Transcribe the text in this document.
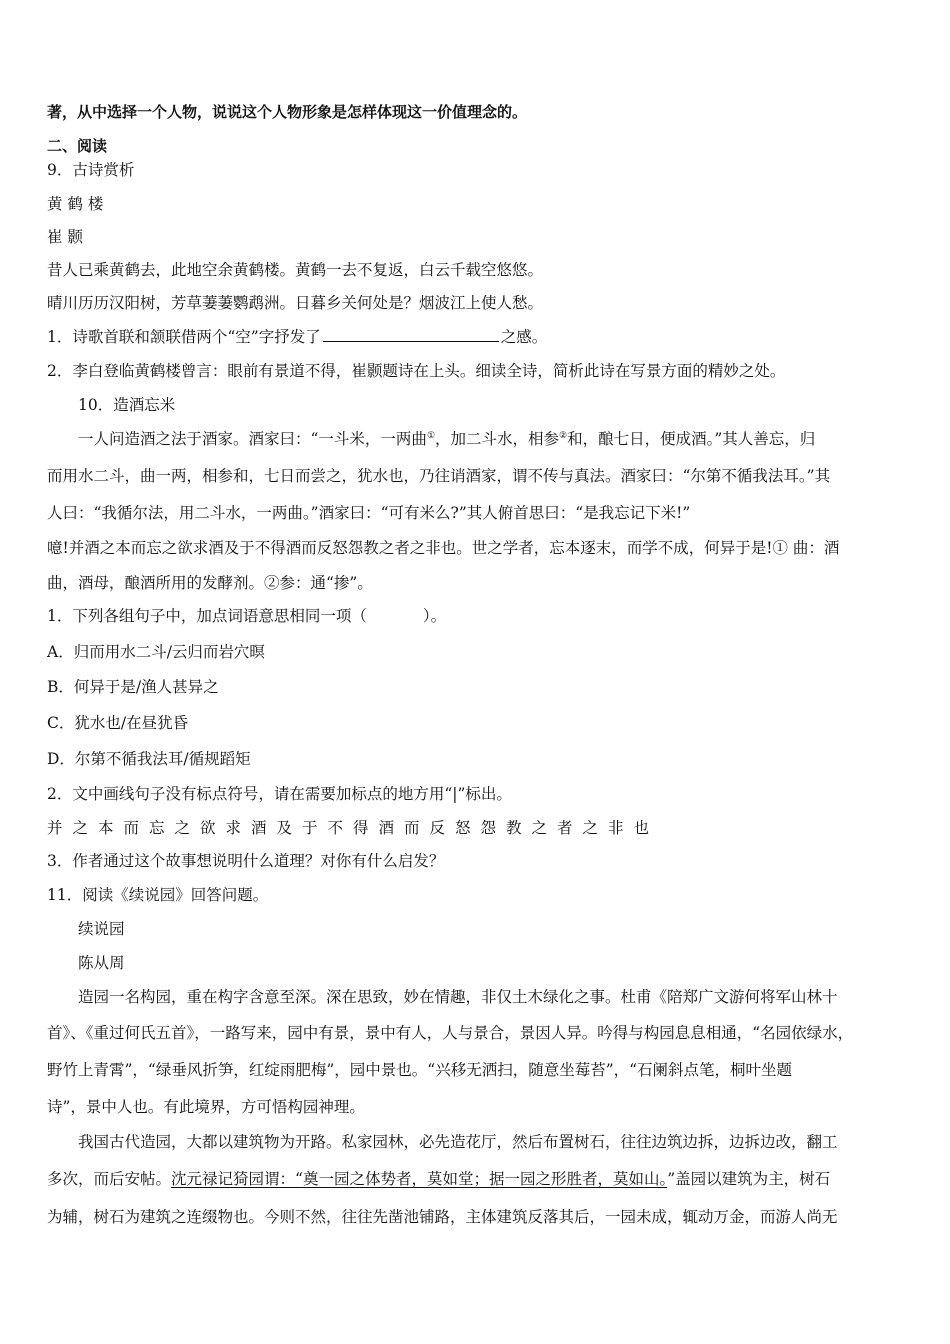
著，从中选择一个人物，说说这个人物形象是怎样体现这一价值理念的。
二、阅读
9．古诗赏析
黄 鹤 楼
崔 颢
昔人已乘黄鹤去，此地空余黄鹤楼。黄鹤一去不复返，白云千载空悠悠。
晴川历历汉阳树，芳草萋萋鹦鹉洲。日暮乡关何处是？烟波江上使人愁。
1．诗歌首联和颔联借两个“空”字抒发了	之感。
2．李白登临黄鹤楼曾言：眼前有景道不得，崔颢题诗在上头。细读全诗，简析此诗在写景方面的精妙之处。
10．造酒忘米
一人问造酒之法于酒家。酒家曰：“一斗米，一两曲①，加二斗水，相参②和，酿七日，便成酒。”其人善忘，归
而用水二斗，曲一两，相参和，七日而尝之，犹水也，乃往诮酒家，谓不传与真法。酒家曰：“尔第不循我法耳。”其
人曰：“我循尔法，用二斗水，一两曲。”酒家曰：“可有米么?”其人俯首思曰：“是我忘记下米!”
噫!并酒之本而忘之欲求酒及于不得酒而反怒怨教之者之非也。世之学者，忘本逐末，而学不成，何异于是!① 曲：酒
曲，酒母，酿酒所用的发酵剂。②参：通“掺”。
1．下列各组句子中，加点词语意思相同一项（	）。
A．归而用水二斗/云归而岩穴暝
B．何异于是/渔人甚异之
C．犹水也/在昼犹昏
D．尔第不循我法耳/循规蹈矩
2．文中画线句子没有标点符号，请在需要加标点的地方用“|”标出。
并之本而忘之欲求酒及于不得酒而反怒怨教之者之非也
3．作者通过这个故事想说明什么道理？对你有什么启发？
11．阅读《续说园》回答问题。
续说园
陈从周
造园一名构园，重在构字含意至深。深在思致，妙在情趣，非仅土木绿化之事。杜甫《陪郑广文游何将军山林十
首》、《重过何氏五首》，一路写来，园中有景，景中有人，人与景合，景因人异。吟得与构园息息相通，“名园依绿水，
野竹上青霄”，“绿垂风折笋，红绽雨肥梅”，园中景也。“兴移无洒扫，随意坐莓苔”，“石阑斜点笔，桐叶坐题
诗”，景中人也。有此境界，方可悟构园神理。
我国古代造园，大都以建筑物为开路。私家园林，必先造花厅，然后布置树石，往往边筑边拆，边拆边改，翻工
多次，而后安帖。沈元禄记猗园谓：“奠一园之体势者，莫如堂；据一园之形胜者，莫如山。”盖园以建筑为主，树石
为辅，树石为建筑之连缀物也。今则不然，往往先凿池铺路，主体建筑反落其后，一园未成，辄动万金，而游人尚无
